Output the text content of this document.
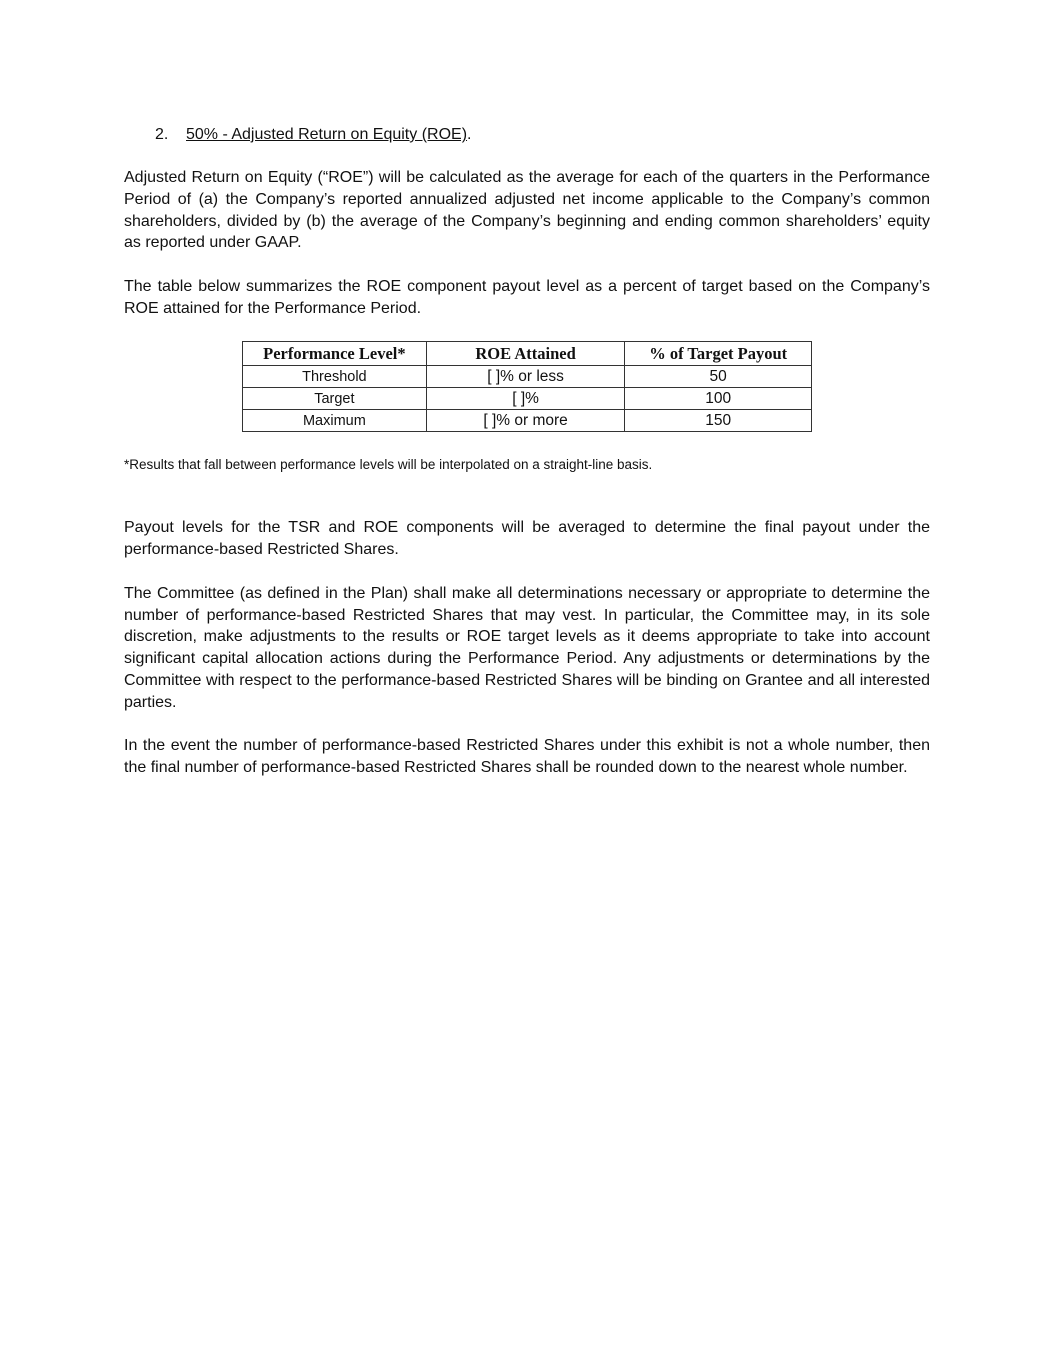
2. 50% - Adjusted Return on Equity (ROE).

Adjusted Return on Equity (“ROE”) will be calculated as the average for each of the quarters in the Performance Period of (a) the Company’s reported annualized adjusted net income applicable to the Company’s common shareholders, divided by (b) the average of the Company’s beginning and ending common shareholders’ equity as reported under GAAP.

The table below summarizes the ROE component payout level as a percent of target based on the Company’s ROE attained for the Performance Period.

Performance Level*	ROE Attained	% of Target Payout
Threshold	[ ]% or less	50
Target	[ ]%	100
Maximum	[ ]% or more	150
*Results that fall between performance levels will be interpolated on a straight-line basis.

Payout levels for the TSR and ROE components will be averaged to determine the final payout under the performance-based Restricted Shares.

The Committee (as defined in the Plan) shall make all determinations necessary or appropriate to determine the number of performance-based Restricted Shares that may vest. In particular, the Committee may, in its sole discretion, make adjustments to the results or ROE target levels as it deems appropriate to take into account significant capital allocation actions during the Performance Period. Any adjustments or determinations by the Committee with respect to the performance-based Restricted Shares will be binding on Grantee and all interested parties.

In the event the number of performance-based Restricted Shares under this exhibit is not a whole number, then the final number of performance-based Restricted Shares shall be rounded down to the nearest whole number.
